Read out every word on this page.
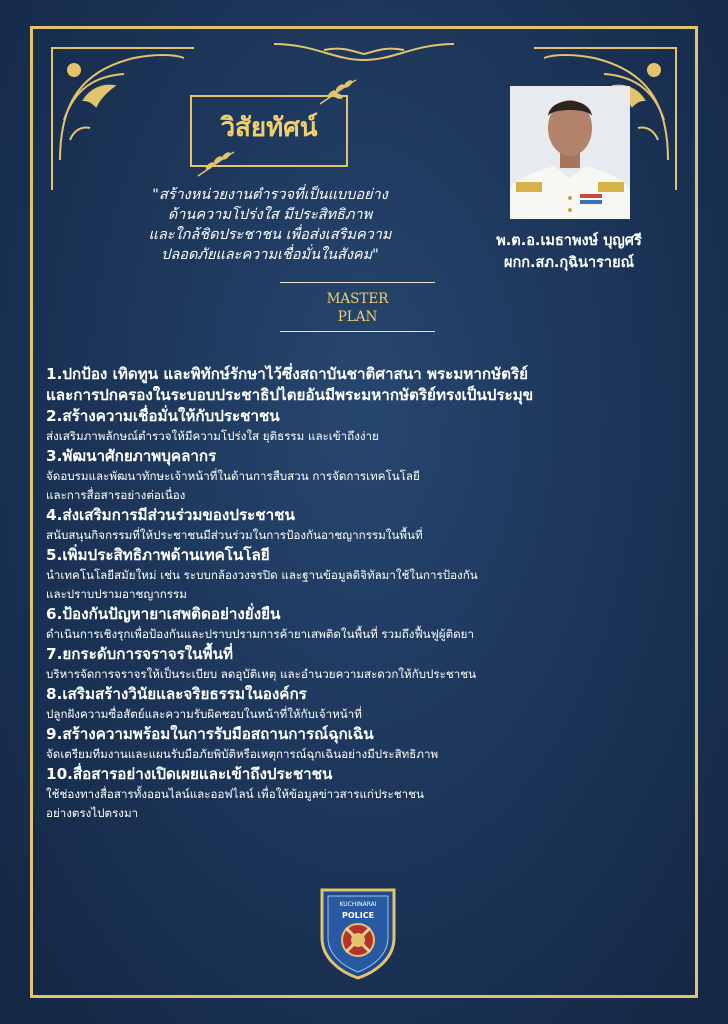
วิสัยทัศน์
"สร้างหน่วยงานตำรวจที่เป็นแบบอย่าง
ด้านความโปร่งใส มีประสิทธิภาพ
และใกล้ชิดประชาชน เพื่อส่งเสริมความ
ปลอดภัยและความเชื่อมั่นในสังคม"
พ.ต.อ.เมธาพงษ์ บุญศรี
ผกก.สภ.กุฉินารายณ์
MASTER
PLAN
1.ปกป้อง เทิดทูน และพิทักษ์รักษาไว้ซึ่งสถาบันชาติศาสนา พระมหากษัตริย์
และการปกครองในระบอบประชาธิปไตยอันมีพระมหากษัตริย์ทรงเป็นประมุข
2.สร้างความเชื่อมั่นให้กับประชาชน
ส่งเสริมภาพลักษณ์ตำรวจให้มีความโปร่งใส ยุติธรรม และเข้าถึงง่าย
3.พัฒนาศักยภาพบุคลากร
จัดอบรมและพัฒนาทักษะเจ้าหน้าที่ในด้านการสืบสวน การจัดการเทคโนโลยี
และการสื่อสารอย่างต่อเนื่อง
4.ส่งเสริมการมีส่วนร่วมของประชาชน
สนับสนุนกิจกรรมที่ให้ประชาชนมีส่วนร่วมในการป้องกันอาชญากรรมในพื้นที่
5.เพิ่มประสิทธิภาพด้านเทคโนโลยี
นำเทคโนโลยีสมัยใหม่ เช่น ระบบกล้องวงจรปิด และฐานข้อมูลดิจิทัลมาใช้ในการป้องกัน
และปราบปรามอาชญากรรม
6.ป้องกันปัญหายาเสพติดอย่างยั่งยืน
ดำเนินการเชิงรุกเพื่อป้องกันและปราบปรามการค้ายาเสพติดในพื้นที่ รวมถึงฟื้นฟูผู้ติดยา
7.ยกระดับการจราจรในพื้นที่
บริหารจัดการจราจรให้เป็นระเบียบ ลดอุบัติเหตุ และอำนวยความสะดวกให้กับประชาชน
8.เสริมสร้างวินัยและจริยธรรมในองค์กร
ปลูกฝังความซื่อสัตย์และความรับผิดชอบในหน้าที่ให้กับเจ้าหน้าที่
9.สร้างความพร้อมในการรับมือสถานการณ์ฉุกเฉิน
จัดเตรียมทีมงานและแผนรับมือภัยพิบัติหรือเหตุการณ์ฉุกเฉินอย่างมีประสิทธิภาพ
10.สื่อสารอย่างเปิดเผยและเข้าถึงประชาชน
ใช้ช่องทางสื่อสารทั้งออนไลน์และออฟไลน์ เพื่อให้ข้อมูลข่าวสารแก่ประชาชน
อย่างตรงไปตรงมา
KUCHINARAI
POLICE
